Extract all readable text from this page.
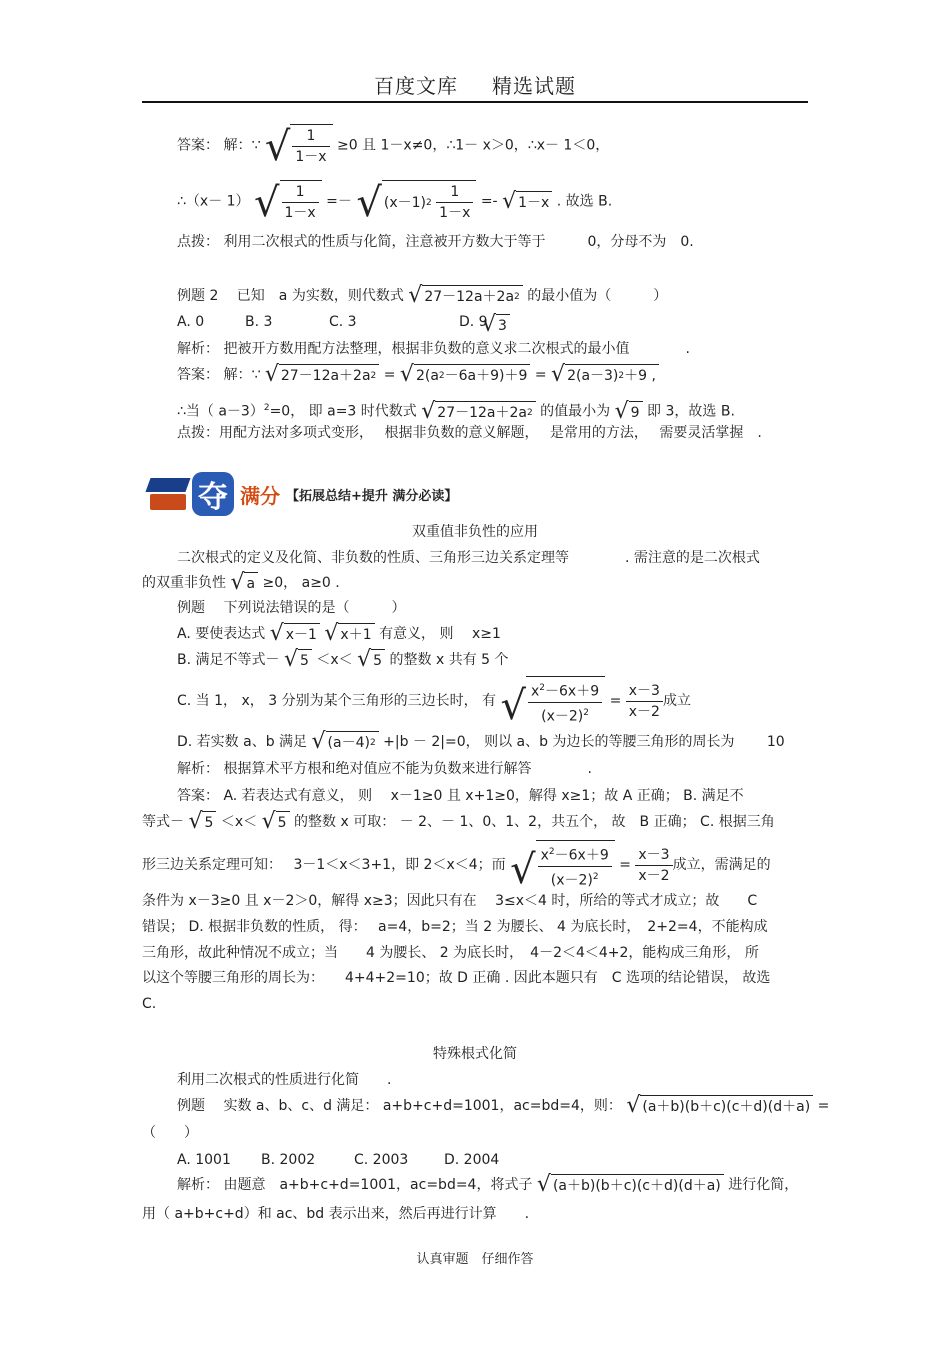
百度文库 精选试题
答案： 解：∵ √ $\frac{1}{1-x} \ge 0$ 且 1－x≠0，∴1－ x＞0，∴x－ 1＜0，
∴（x－ 1） √ $\frac{1}{1-x}$ =－ √ (x－1) 2
$\frac{1}{1-x}$ =- √ 1－x . 故选 B.
点拨： 利用二次根式的性质与化简，注意被开方数大于等于　　　0，分母不为　0.
例题 2　 已知　a 为实数，则代数式 √ 27－12a＋2a 2 的最小值为（　　　）
A. 0	B. 3	C. 3	D. 9
√ 3
解析： 把被开方数用配方法整理，根据非负数的意义求二次根式的最小值　　　　.
答案： 解：∵ √ 27－12a＋2a 2 = √ 2(a 2 －6a＋9)＋9 = √ 2(a－3) 2 ＋9 ,
∴当（ a－3）$^2$=0， 即 a=3 时代数式 √ 27－12a＋2a 2 的值最小为 √ 9 即 3，故选 B.
点拨：用配方法对多项式变形，　 根据非负数的意义解题，　 是常用的方法，　 需要灵活掌握　.
夺 满分 【拓展总结+提升 满分必读】
双重值非负性的应用
二次根式的定义及化简、非负数的性质、三角形三边关系定理等　　　　. 需注意的是二次根式
的双重非负性 √ a ≥0， a≥0 .
例题　 下列说法错误的是（　　　）
A. 要使表达式 √ x－1
√ x＋1 有意义， 则　 x≥1
B. 满足不等式－ √ 5 ＜x＜ √ 5 的整数 x 共有 5 个
C. 当 1， x， 3 分别为某个三角形的三边长时， 有 √ $\frac{x^2-6x+9}{(x-2)^2} = \frac{x-3}{x-2}$ 成立
D. 若实数 a、b 满足 √ (a－4) 2 +|b － 2|=0， 则以 a、b 为边长的等腰三角形的周长为　　 10
解析： 根据算术平方根和绝对值应不能为负数来进行解答　　　　.
答案： A. 若表达式有意义， 则　 x－1≥0 且 x+1≥0，解得 x≥1；故 A 正确； B. 满足不
等式－ √ 5 ＜x＜ √ 5 的整数 x 可取： － 2、－ 1、0、1、2，共五个， 故　B 正确； C. 根据三角
形三边关系定理可知：　 3－1＜x＜3+1，即 2＜x＜4；而 √ $\frac{x^2-6x+9}{(x-2)^2} = \frac{x-3}{x-2}$ 成立，需满足的
条件为 x－3≥0 且 x－2＞0，解得 x≥3；因此只有在　 3≤x＜4 时，所给的等式才成立；故　　C
错误； D. 根据非负数的性质， 得：　 a=4，b=2；当 2 为腰长、 4 为底长时，　2+2=4，不能构成
三角形，故此种情况不成立；当　　4 为腰长、 2 为底长时，　4－2＜4＜4+2，能构成三角形， 所
以这个等腰三角形的周长为：　　4+4+2=10；故 D 正确 . 因此本题只有　C 选项的结论错误， 故选
C.
特殊根式化简
利用二次根式的性质进行化简　　.
例题　 实数 a、b、c、d 满足： a+b+c+d=1001，ac=bd=4，则： √ (a＋b)(b＋c)(c＋d)(d＋a) =
（　　）
A. 1001 B. 2002	C. 2003	D. 2004
解析： 由题意　a+b+c+d=1001，ac=bd=4，将式子 √ (a＋b)(b＋c)(c＋d)(d＋a) 进行化简，
用（ a+b+c+d）和 ac、bd 表示出来，然后再进行计算　　.
认真审题　仔细作答
